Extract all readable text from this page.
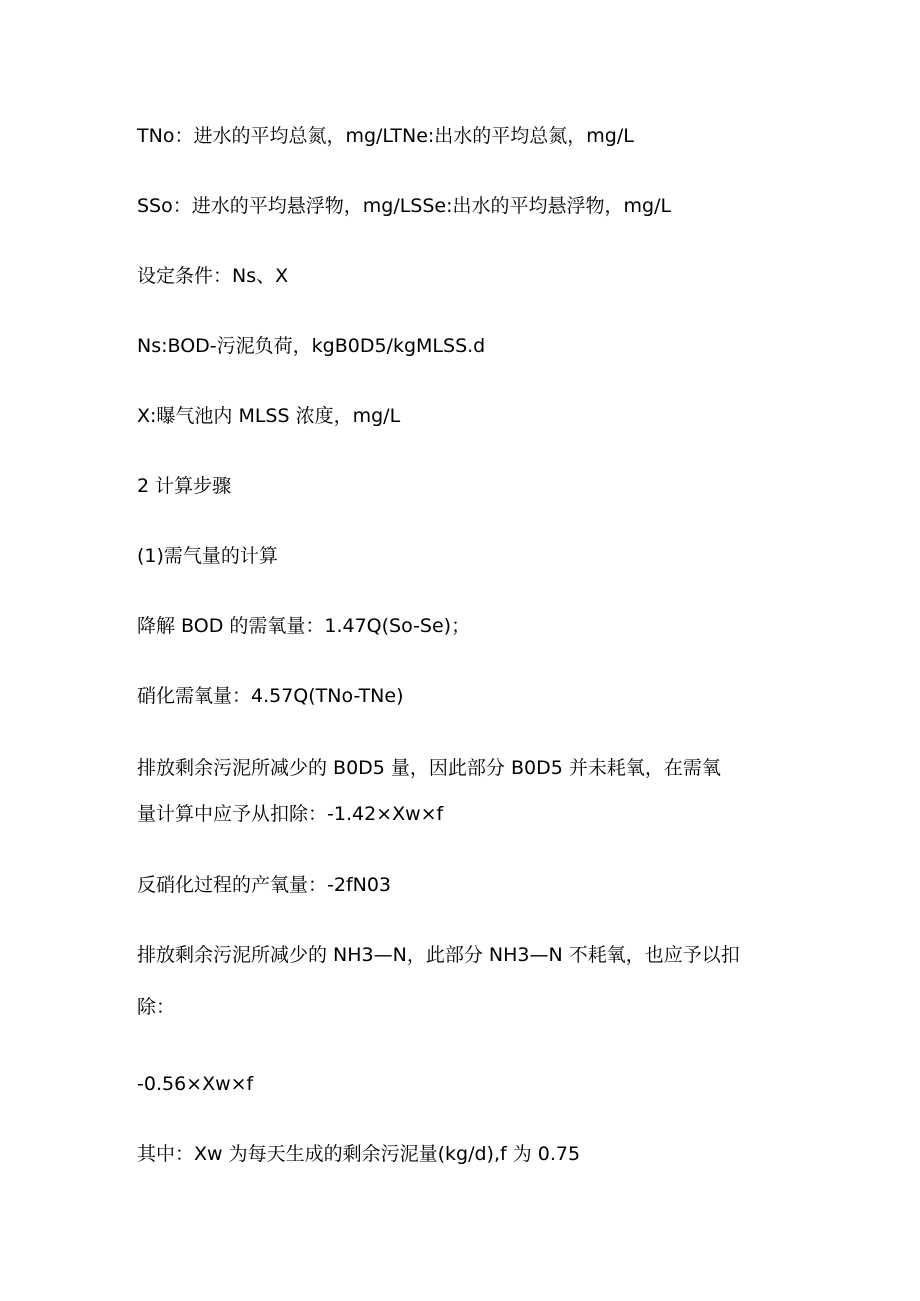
TNo：进水的平均总氮，mg/LTNe:出水的平均总氮，mg/L
SSo：进水的平均悬浮物，mg/LSSe:出水的平均悬浮物，mg/L
设定条件：Ns、X
Ns:BOD-污泥负荷，kgB0D5/kgMLSS.d
X:曝气池内 MLSS 浓度，mg/L
2 计算步骤
(1)需气量的计算
降解 BOD 的需氧量：1.47Q(So-Se)；
硝化需氧量：4.57Q(TNo-TNe)
排放剩余污泥所减少的 B0D5 量，因此部分 B0D5 并未耗氧，在需氧
量计算中应予从扣除：-1.42×Xw×f
反硝化过程的产氧量：-2fN03
排放剩余污泥所减少的 NH3—N，此部分 NH3—N 不耗氧，也应予以扣
除：
-0.56×Xw×f
其中：Xw 为每天生成的剩余污泥量(kg/d),f 为 0.75
